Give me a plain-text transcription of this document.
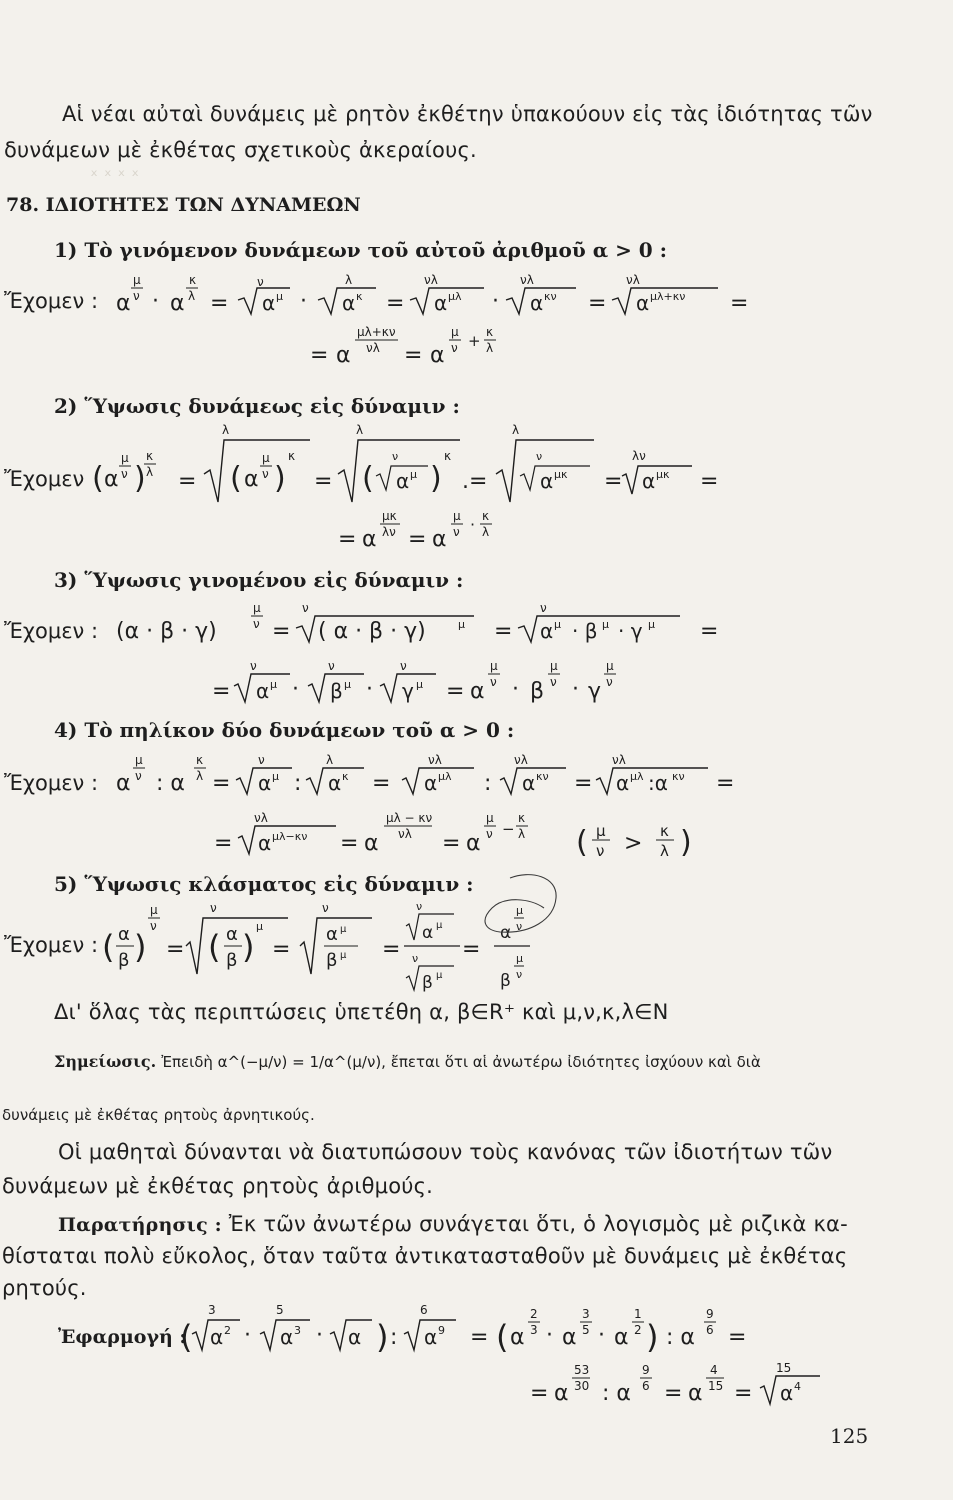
ₓ ₓ ₓ ₓ
Αἱ νέαι αὐταὶ δυνάμεις μὲ ρητὸν ἐκθέτην ὑπακούουν εἰς τὰς ἰδιότητας τῶν
δυνάμεων μὲ ἐκθέτας σχετικοὺς ἀκεραίους.
78. ΙΔΙΟΤΗΤΕΣ ΤΩΝ ΔΥΝΑΜΕΩΝ
1) Τὸ γινόμενον δυνάμεων τοῦ αὐτοῦ ἀριθμοῦ α > 0 :
Ἔχομεν : α
μ
ν · α
κ
λ =
ν
α μ ·
λ
α κ =
νλ
α μλ ·
νλ
α κν =
νλ
α μλ+κν =
= α
μλ+κν
νλ = α
μ
ν + κ
λ
2) Ὕψωσις δυνάμεως εἰς δύναμιν :
Ἔχομεν ( α
μ
ν )
κ
λ =
λ
( α
μ
ν )
κ
=
λ
(
ν
α μ )
κ
.=
λ
ν
α μκ =
λν
α μκ =
= α
μκ
λν = α
μ
ν · κ
λ
3) Ὕψωσις γινομένου εἰς δύναμιν :
Ἔχομεν : (α · β · γ)
μ
ν =
ν
( α · β · γ)	μ =
ν
α μ · β μ · γ μ =
=
ν
α μ ·
ν
β μ ·
ν
γ μ = α
μ
ν · β
μ
ν · γ
μ
ν
4) Τὸ πηλίκον δύο δυνάμεων τοῦ α > 0 :
Ἔχομεν : α
μ
ν : α
κ
λ =
ν
α μ :
λ
α κ =
νλ
α μλ :
νλ
α κν =
νλ
α μλ :α κν =
=
νλ
α μλ−κν = α
μλ − κν
νλ = α
μ
ν −
κ
λ ( μ
ν > κ
λ )
5) Ὕψωσις κλάσματος εἰς δύναμιν :
Ἔχομεν : ( α
β )
μ
ν
=
ν
( α
β )
μ
=
ν
α μ
β μ =
ν
α μ
ν
β μ
=
α
μ
ν
β
μ
ν
Δι' ὅλας τὰς περιπτώσεις ὑπετέθη α, β∈R⁺ καὶ μ,ν,κ,λ∈N
Σημείωσις. Ἐπειδὴ α^(−μ/ν) = 1/α^(μ/ν), ἔπεται ὅτι αἱ ἀνωτέρω ἰδιότητες ἰσχύουν καὶ διὰ
δυνάμεις μὲ ἐκθέτας ρητοὺς ἀρνητικούς.
Οἱ μαθηταὶ δύνανται νὰ διατυπώσουν τοὺς κανόνας τῶν ἰδιοτήτων τῶν
δυνάμεων μὲ ἐκθέτας ρητοὺς ἀριθμούς.
Παρατήρησις : Ἐκ τῶν ἀνωτέρω συνάγεται ὅτι, ὁ λογισμὸς μὲ ριζικὰ κα-
θίσταται πολὺ εὔκολος, ὅταν ταῦτα ἀντικατασταθοῦν μὲ δυνάμεις μὲ ἐκθέτας
ρητούς.
Ἐφαρμογή :
(
3
α 2 ·
5
α 3 · α ) :
6
α 9 = ( α
2
3 · α
3
5 · α
1
2 ) : α
9
6 =
= α
53
30 : α
9
6 = α
4
15 =
15
α 4
125
